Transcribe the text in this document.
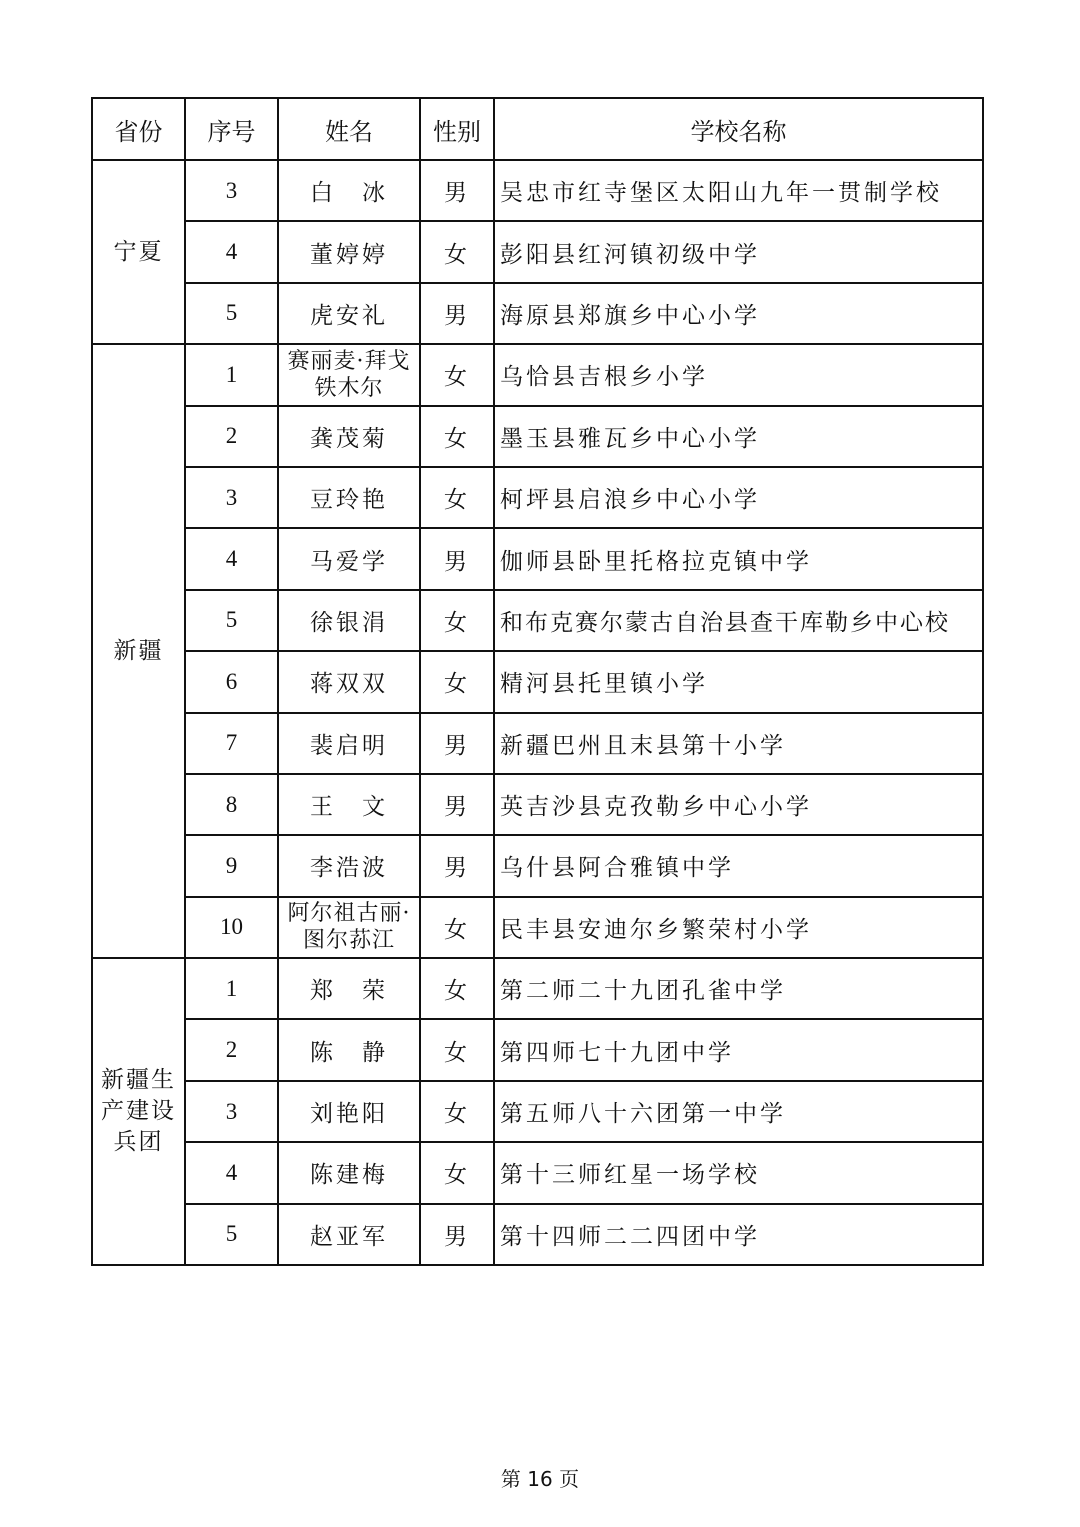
省份	序号	姓名	性别	学校名称
宁夏	3	白　冰	男	吴忠市红寺堡区太阳山九年一贯制学校
	4	董婷婷	女	彭阳县红河镇初级中学
	5	虎安礼	男	海原县郑旗乡中心小学
新疆	1	赛丽麦·拜戈铁木尔	女	乌恰县吉根乡小学
	2	龚茂菊	女	墨玉县雅瓦乡中心小学
	3	豆玲艳	女	柯坪县启浪乡中心小学
	4	马爱学	男	伽师县卧里托格拉克镇中学
	5	徐银涓	女	和布克赛尔蒙古自治县查干库勒乡中心校
	6	蒋双双	女	精河县托里镇小学
	7	裴启明	男	新疆巴州且末县第十小学
	8	王　文	男	英吉沙县克孜勒乡中心小学
	9	李浩波	男	乌什县阿合雅镇中学
	10	阿尔祖古丽·图尔荪江	女	民丰县安迪尔乡繁荣村小学
新疆生产建设兵团	1	郑　荣	女	第二师二十九团孔雀中学
	2	陈　静	女	第四师七十九团中学
	3	刘艳阳	女	第五师八十六团第一中学
	4	陈建梅	女	第十三师红星一场学校
	5	赵亚军	男	第十四师二二四团中学
第 16 页
